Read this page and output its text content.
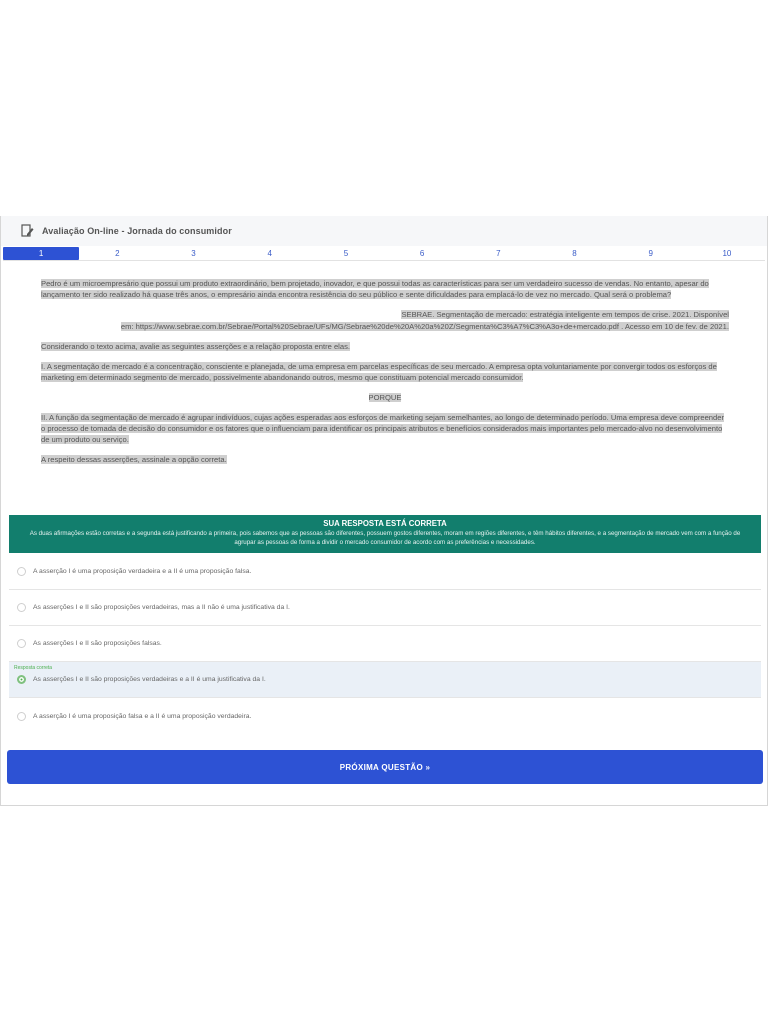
Avaliação On-line - Jornada do consumidor
1	2	3	4	5	6	7	8	9	10

Pedro é um microempresário que possui um produto extraordinário, bem projetado, inovador, e que possui todas as características para ser um verdadeiro sucesso de vendas. No entanto, apesar do lançamento ter sido realizado há quase três anos, o empresário ainda encontra resistência do seu público e sente dificuldades para emplacá-lo de vez no mercado. Qual será o problema?

SEBRAE. Segmentação de mercado: estratégia inteligente em tempos de crise. 2021. Disponível

em: https://www.sebrae.com.br/Sebrae/Portal%20Sebrae/UFs/MG/Sebrae%20de%20A%20a%20Z/Segmenta%C3%A7%C3%A3o+de+mercado.pdf . Acesso em 10 de fev. de 2021.

Considerando o texto acima, avalie as seguintes asserções e a relação proposta entre elas.

I. A segmentação de mercado é a concentração, consciente e planejada, de uma empresa em parcelas específicas de seu mercado. A empresa opta voluntariamente por convergir todos os esforços de marketing em determinado segmento de mercado, possivelmente abandonando outros, mesmo que constituam potencial mercado consumidor.

PORQUE

II. A função da segmentação de mercado é agrupar indivíduos, cujas ações esperadas aos esforços de marketing sejam semelhantes, ao longo de determinado período. Uma empresa deve compreender o processo de tomada de decisão do consumidor e os fatores que o influenciam para identificar os principais atributos e benefícios considerados mais importantes pelo mercado-alvo no desenvolvimento de um produto ou serviço.

A respeito dessas asserções, assinale a opção correta.

SUA RESPOSTA ESTÁ CORRETA
As duas afirmações estão corretas e a segunda está justificando a primeira, pois sabemos que as pessoas são diferentes, possuem gostos diferentes, moram em regiões diferentes, e têm hábitos diferentes, e a segmentação de mercado vem com a função de agrupar as pessoas de forma a dividir o mercado consumidor de acordo com as preferências e necessidades.
A asserção I é uma proposição verdadeira e a II é uma proposição falsa.
As asserções I e II são proposições verdadeiras, mas a II não é uma justificativa da I.
As asserções I e II são proposições falsas.
Resposta correta
As asserções I e II são proposições verdadeiras e a II é uma justificativa da I.
A asserção I é uma proposição falsa e a II é uma proposição verdadeira.
PRÓXIMA QUESTÃO »
